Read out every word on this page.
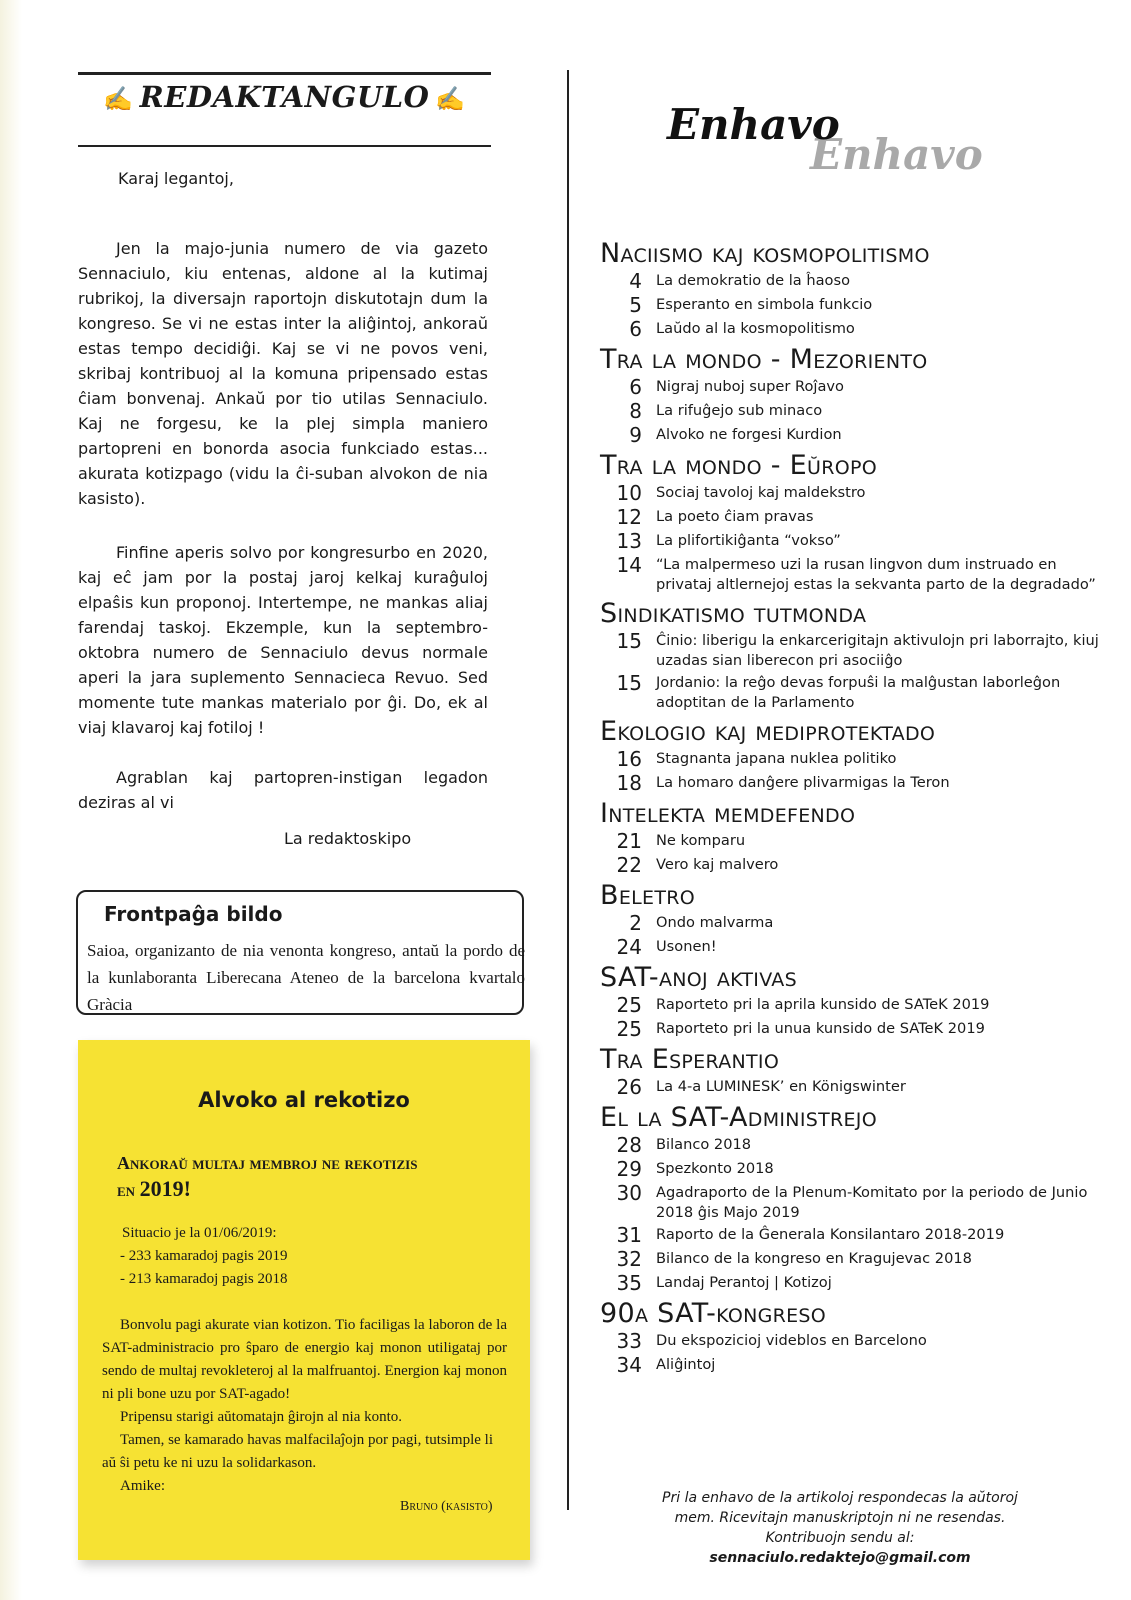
✍ REDAKTANGULO ✍
Karaj legantoj,

Jen la majo-junia numero de via gazeto Sennaciulo, kiu entenas, aldone al la kutimaj rubrikoj, la diversajn raportojn diskutotajn dum la kongreso. Se vi ne estas inter la aliĝintoj, ankoraŭ estas tempo decidiĝi. Kaj se vi ne povos veni, skribaj kontribuoj al la komuna pripensado estas ĉiam bonvenaj. Ankaŭ por tio utilas Sennaciulo. Kaj ne forgesu, ke la plej simpla maniero partopreni en bonorda asocia funkciado estas... akurata kotizpago (vidu la ĉi-suban alvokon de nia kasisto).

Finfine aperis solvo por kongresurbo en 2020, kaj eĉ jam por la postaj jaroj kelkaj kuraĝuloj elpaŝis kun proponoj. Intertempe, ne mankas aliaj farendaj taskoj. Ekzemple, kun la septembro-oktobra numero de Sennaciulo devus normale aperi la jara suplemento Sennacieca Revuo. Sed momente tute mankas materialo por ĝi. Do, ek al viaj klavaroj kaj fotiloj !

Agrablan kaj partopren-instigan legadon deziras al vi

La redaktoskipo
Frontpaĝa bildo
Saioa, organizanto de nia venonta kongreso, antaŭ la pordo de la kunlaboranta Liberecana Ateneo de la barcelona kvartalo Gràcia
Alvoko al rekotizo
Ankoraŭ multaj membroj ne rekotizis
en 2019!
Situacio je la 01/06/2019:
- 233 kamaradoj pagis 2019
- 213 kamaradoj pagis 2018

Bonvolu pagi akurate vian kotizon. Tio faciligas la laboron de la SAT-administracio pro ŝparo de energio kaj monon utiligataj por sendo de multaj revokleteroj al la malfruantoj. Energion kaj monon ni pli bone uzu por SAT-agado!

Pripensu starigi aŭtomatajn ĝirojn al nia konto.

Tamen, se kamarado havas malfacilaĵojn por pagi, tutsimple li aŭ ŝi petu ke ni uzu la solidarkason.

Amike:

Bruno (kasisto)
Enhavo
Enhavo
Naciismo kaj kosmopolitismo
4 La demokratio de la ĥaoso
5 Esperanto en simbola funkcio
6 Laŭdo al la kosmopolitismo
Tra la mondo - Mezoriento
6 Nigraj nuboj super Roĵavo
8 La rifuĝejo sub minaco
9 Alvoko ne forgesi Kurdion
Tra la mondo - Eŭropo
10 Sociaj tavoloj kaj maldekstro
12 La poeto ĉiam pravas
13 La plifortikiĝanta “vokso”
14 “La malpermeso uzi la rusan lingvon dum instruado en privataj altlernejoj estas la sekvanta parto de la degradado”
Sindikatismo tutmonda
15 Ĉinio: liberigu la enkarcerigitajn aktivulojn pri laborrajto, kiuj uzadas sian liberecon pri asociiĝo
15 Jordanio: la reĝo devas forpuŝi la malĝustan laborleĝon adoptitan de la Parlamento
Ekologio kaj mediprotektado
16 Stagnanta japana nuklea politiko
18 La homaro danĝere plivarmigas la Teron
Intelekta memdefendo
21 Ne komparu
22 Vero kaj malvero
Beletro
2 Ondo malvarma
24 Usonen!
SAT-anoj aktivas
25 Raporteto pri la aprila kunsido de SATeK 2019
25 Raporteto pri la unua kunsido de SATeK 2019
Tra Esperantio
26 La 4-a LUMINESK’ en Königswinter
El la SAT-Administrejo
28 Bilanco 2018
29 Spezkonto 2018
30 Agadraporto de la Plenum-Komitato por la periodo de Junio 2018 ĝis Majo 2019
31 Raporto de la Ĝenerala Konsilantaro 2018-2019
32 Bilanco de la kongreso en Kragujevac 2018
35 Landaj Perantoj | Kotizoj
90a SAT-kongreso
33 Du ekspozicioj videblos en Barcelono
34 Aliĝintoj
Pri la enhavo de la artikoloj respondecas la aŭtoroj mem. Ricevitajn manuskriptojn ni ne resendas. Kontribuojn sendu al:
sennaciulo.redaktejo@gmail.com
